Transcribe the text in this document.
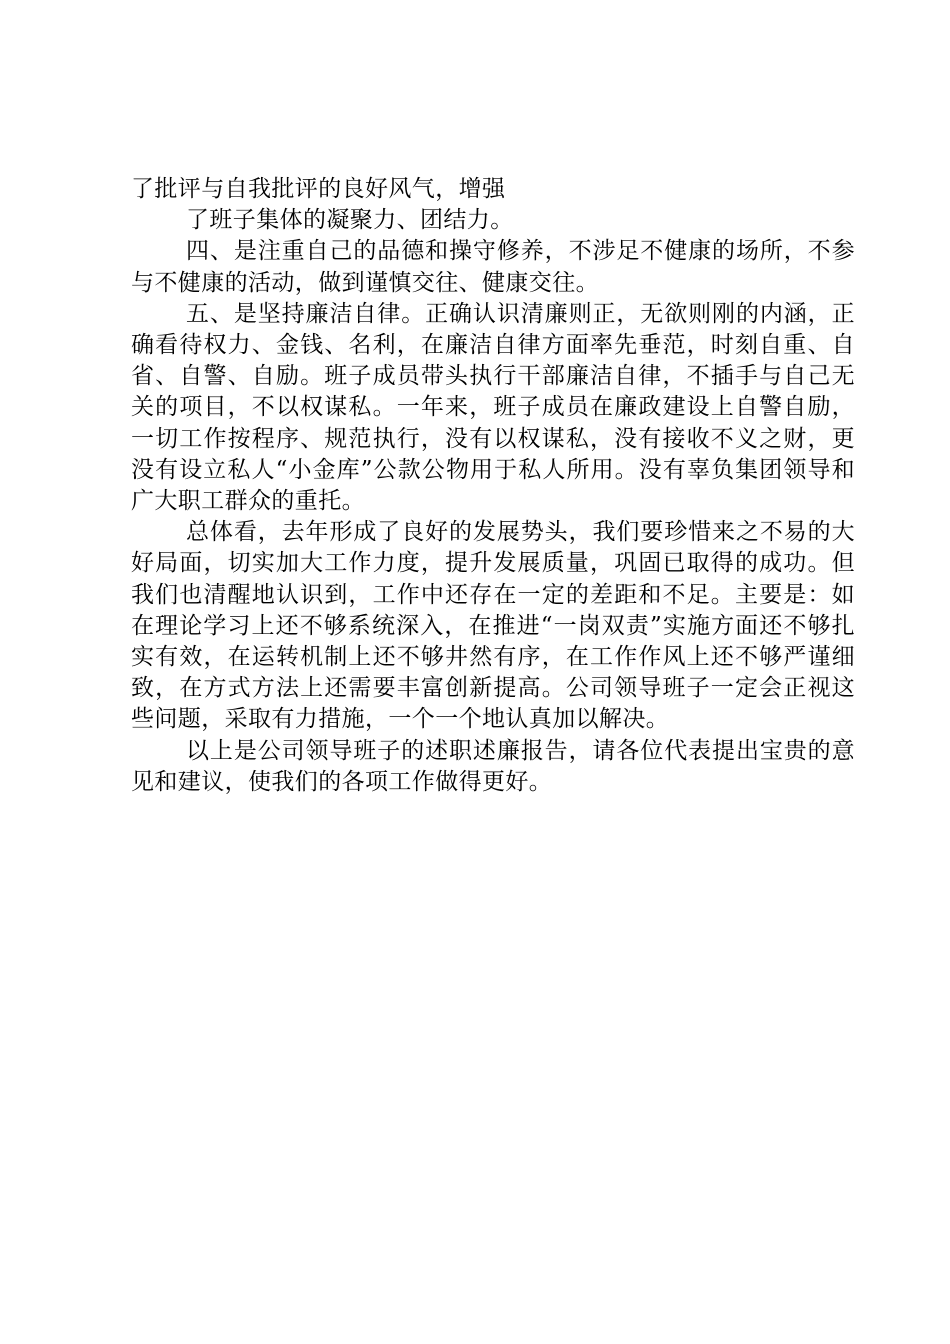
了批评与自我批评的良好风气，增强

了班子集体的凝聚力、团结力。

四、是注重自己的品德和操守修养，不涉足不健康的场所，不参与不健康的活动，做到谨慎交往、健康交往。

五、是坚持廉洁自律。正确认识清廉则正，无欲则刚的内涵，正确看待权力、金钱、名利，在廉洁自律方面率先垂范，时刻自重、自省、自警、自励。班子成员带头执行干部廉洁自律，不插手与自己无关的项目，不以权谋私。一年来，班子成员在廉政建设上自警自励，一切工作按程序、规范执行，没有以权谋私，没有接收不义之财，更没有设立私人“小金库”公款公物用于私人所用。没有辜负集团领导和广大职工群众的重托。

总体看，去年形成了良好的发展势头，我们要珍惜来之不易的大好局面，切实加大工作力度，提升发展质量，巩固已取得的成功。但我们也清醒地认识到，工作中还存在一定的差距和不足。主要是：如在理论学习上还不够系统深入，在推进“一岗双责”实施方面还不够扎实有效，在运转机制上还不够井然有序，在工作作风上还不够严谨细致，在方式方法上还需要丰富创新提高。公司领导班子一定会正视这些问题，采取有力措施，一个一个地认真加以解决。

以上是公司领导班子的述职述廉报告，请各位代表提出宝贵的意见和建议，使我们的各项工作做得更好。
